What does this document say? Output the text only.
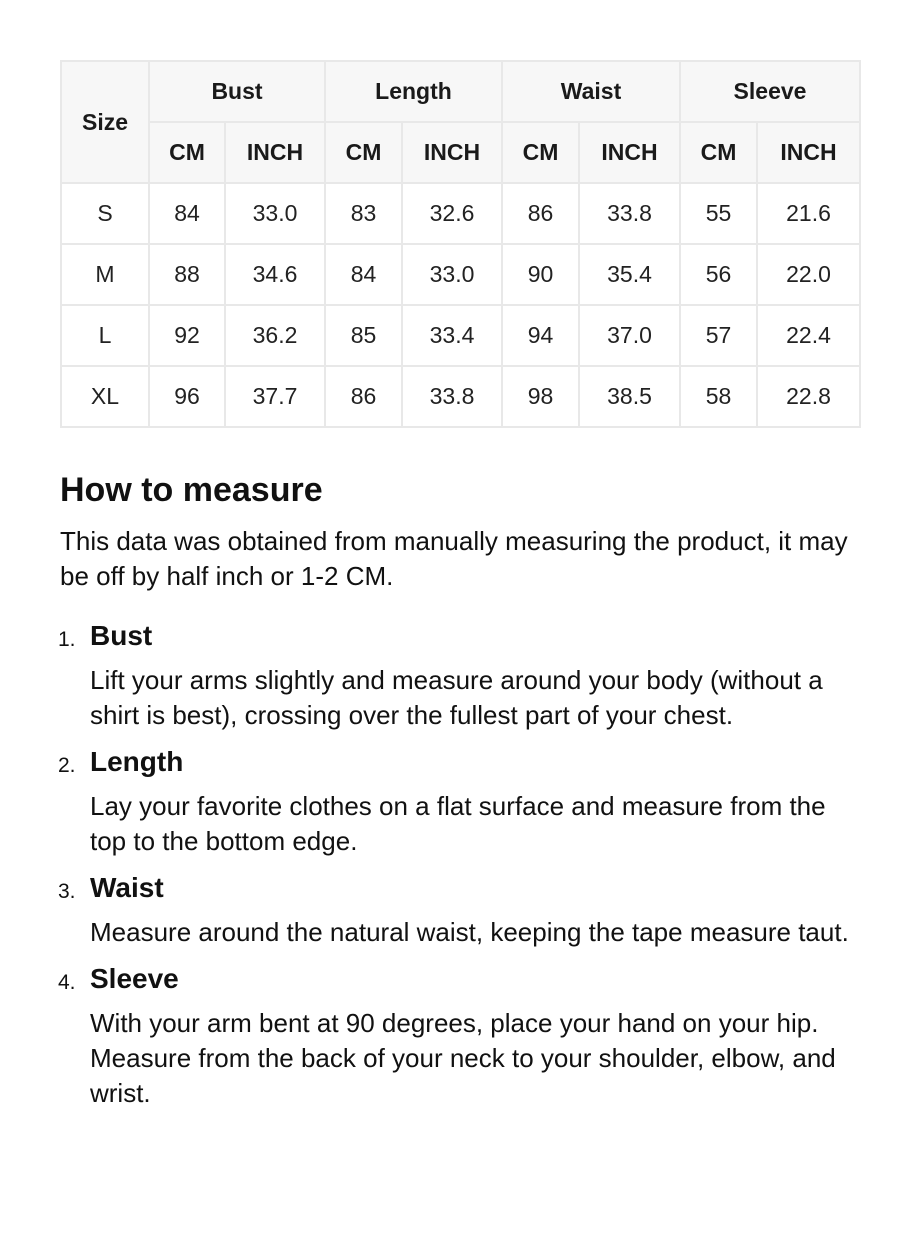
Size	Bust		Length		Waist		Sleeve	
	CM	INCH	CM	INCH	CM	INCH	CM	INCH
S	84	33.0	83	32.6	86	33.8	55	21.6
M	88	34.6	84	33.0	90	35.4	56	22.0
L	92	36.2	85	33.4	94	37.0	57	22.4
XL	96	37.7	86	33.8	98	38.5	58	22.8
How to measure

This data was obtained from manually measuring the product, it may be off by half inch or 1-2 CM.

1. Bust
Lift your arms slightly and measure around your body (without a shirt is best), crossing over the fullest part of your chest.
2. Length
Lay your favorite clothes on a flat surface and measure from the top to the bottom edge.
3. Waist
Measure around the natural waist, keeping the tape measure taut.
4. Sleeve
With your arm bent at 90 degrees, place your hand on your hip. Measure from the back of your neck to your shoulder, elbow, and wrist.
